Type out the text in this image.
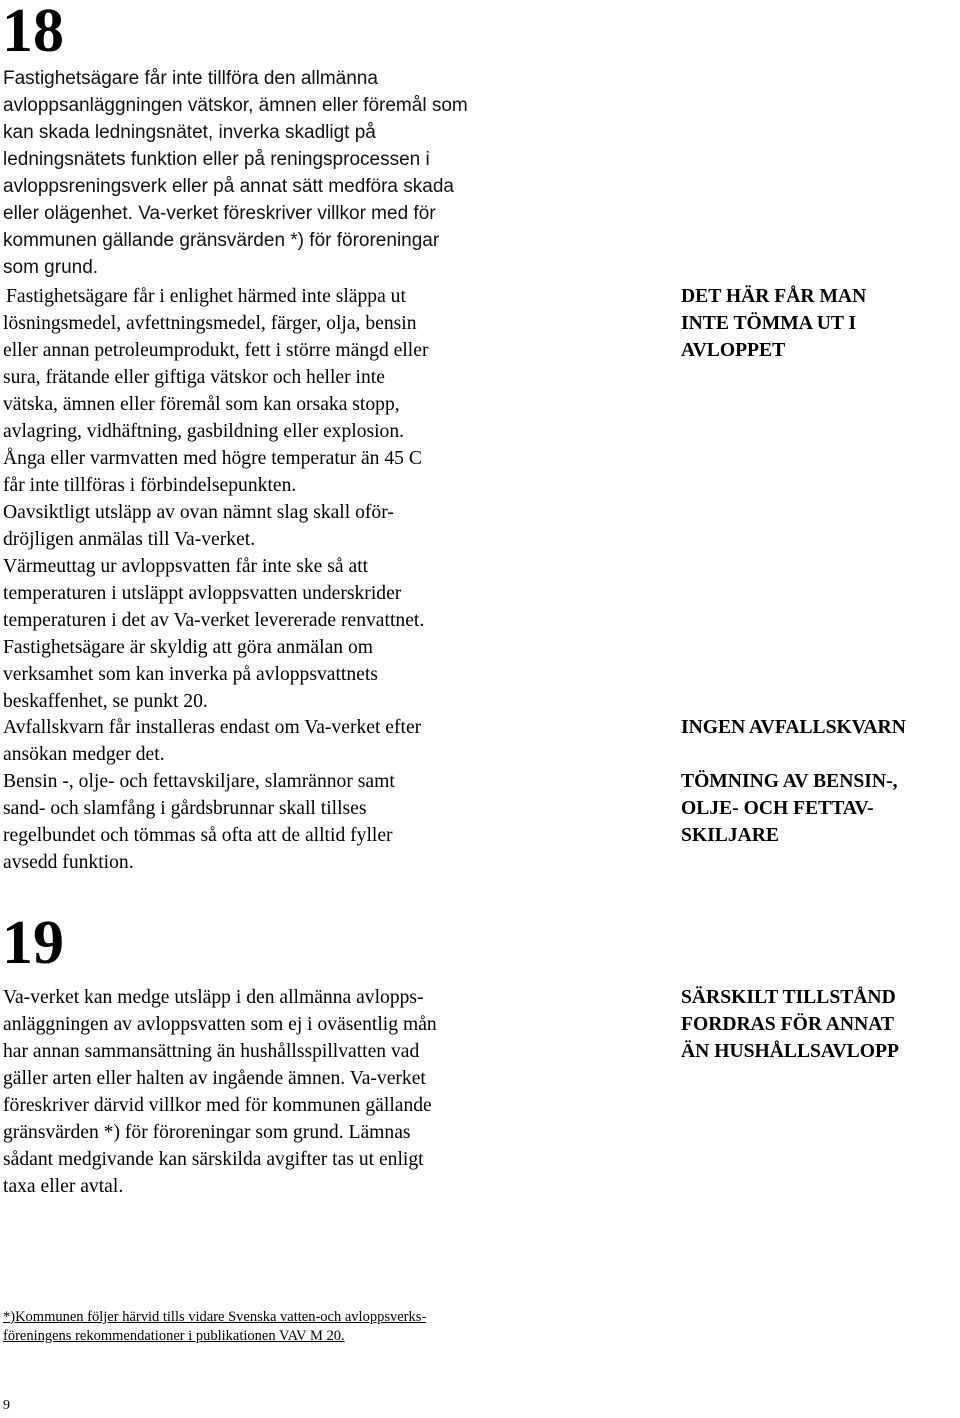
18

Fastighetsägare får inte tillföra den allmänna
avloppsanläggningen vätskor, ämnen eller föremål som
kan skada ledningsnätet, inverka skadligt på
ledningsnätets funktion eller på reningsprocessen i
avloppsreningsverk eller på annat sätt medföra skada
eller olägenhet. Va-verket föreskriver villkor med för
kommunen gällande gränsvärden *) för föroreningar
som grund.

Fastighetsägare får i enlighet härmed inte släppa ut
lösningsmedel, avfettningsmedel, färger, olja, bensin
eller annan petroleumprodukt, fett i större mängd eller
sura, frätande eller giftiga vätskor och heller inte
vätska, ämnen eller föremål som kan orsaka stopp,
avlagring, vidhäftning, gasbildning eller explosion.

Ånga eller varmvatten med högre temperatur än 45 C
får inte tillföras i förbindelsepunkten.

Oavsiktligt utsläpp av ovan nämnt slag skall oför-
dröjligen anmälas till Va-verket.

Värmeuttag ur avloppsvatten får inte ske så att
temperaturen i utsläppt avloppsvatten underskrider
temperaturen i det av Va-verket levererade renvattnet.

Fastighetsägare är skyldig att göra anmälan om
verksamhet som kan inverka på avloppsvattnets
beskaffenhet, se punkt 20.

Avfallskvarn får installeras endast om Va-verket efter
ansökan medger det.

Bensin -, olje- och fettavskiljare, slamrännor samt
sand- och slamfång i gårdsbrunnar skall tillses
regelbundet och tömmas så ofta att de alltid fyller
avsedd funktion.

DET HÄR FÅR MAN
INTE TÖMMA UT I
AVLOPPET

INGEN AVFALLSKVARN

TÖMNING AV BENSIN-,
OLJE- OCH FETTAV-
SKILJARE

19

Va-verket kan medge utsläpp i den allmänna avlopps-
anläggningen av avloppsvatten som ej i oväsentlig mån
har annan sammansättning än hushållsspillvatten vad
gäller arten eller halten av ingående ämnen. Va-verket
föreskriver därvid villkor med för kommunen gällande
gränsvärden *) för föroreningar som grund. Lämnas
sådant medgivande kan särskilda avgifter tas ut enligt
taxa eller avtal.

SÄRSKILT TILLSTÅND
FORDRAS FÖR ANNAT
ÄN HUSHÅLLSAVLOPP

*)Kommunen följer härvid tills vidare Svenska vatten-och avloppsverks-
föreningens rekommendationer i publikationen VAV M 20.

9
